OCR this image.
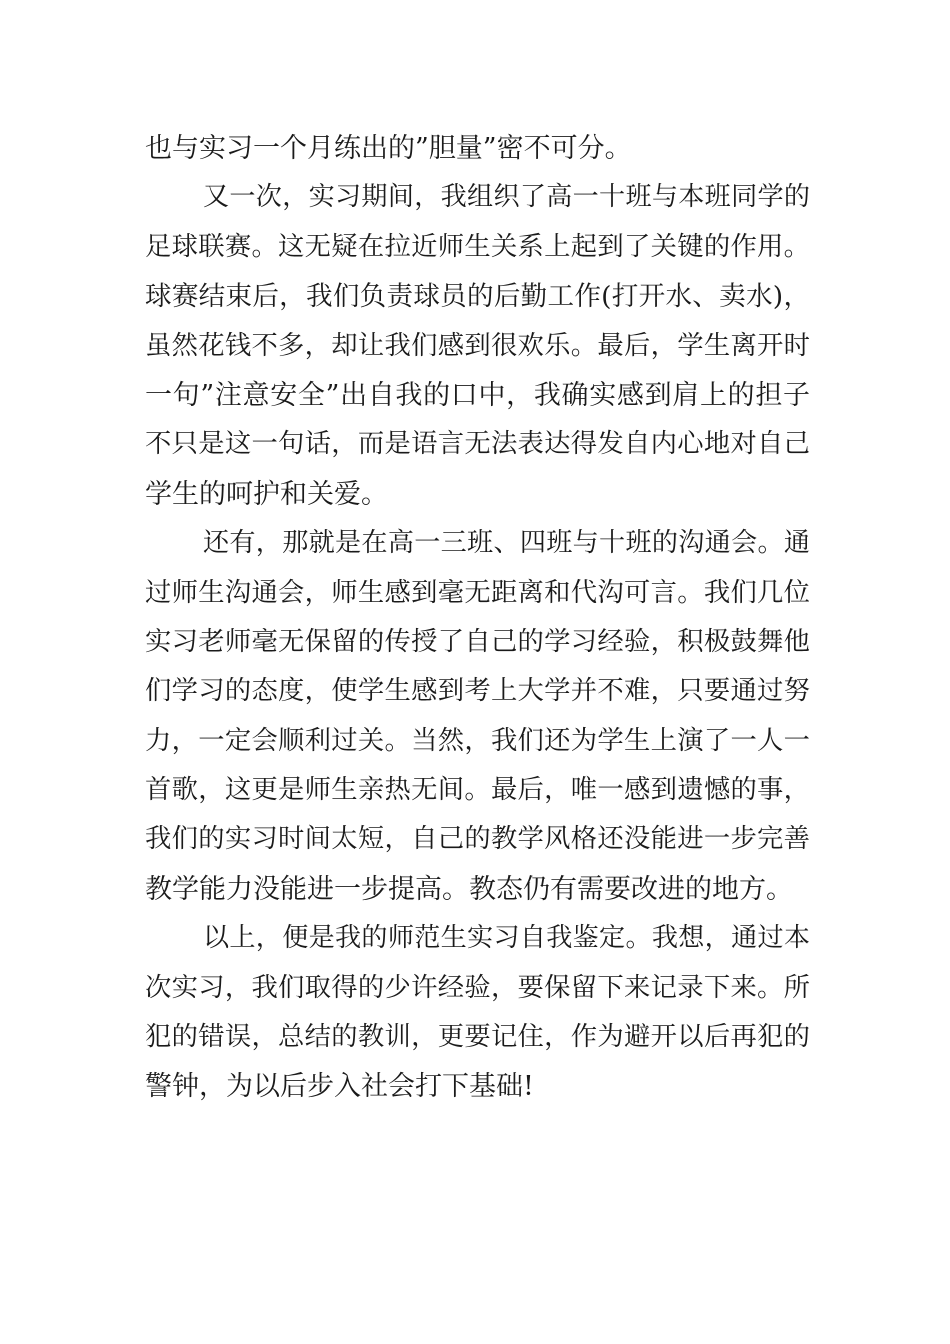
也与实习一个月练出的”胆量”密不可分。
又一次，实习期间，我组织了高一十班与本班同学的
足球联赛。这无疑在拉近师生关系上起到了关键的作用。
球赛结束后，我们负责球员的后勤工作(打开水、卖水)，
虽然花钱不多，却让我们感到很欢乐。最后，学生离开时
一句”注意安全”出自我的口中，我确实感到肩上的担子
不只是这一句话，而是语言无法表达得发自内心地对自己
学生的呵护和关爱。
还有，那就是在高一三班、四班与十班的沟通会。通
过师生沟通会，师生感到毫无距离和代沟可言。我们几位
实习老师毫无保留的传授了自己的学习经验，积极鼓舞他
们学习的态度，使学生感到考上大学并不难，只要通过努
力，一定会顺利过关。当然，我们还为学生上演了一人一
首歌，这更是师生亲热无间。最后，唯一感到遗憾的事，
我们的实习时间太短，自己的教学风格还没能进一步完善
教学能力没能进一步提高。教态仍有需要改进的地方。
以上，便是我的师范生实习自我鉴定。我想，通过本
次实习，我们取得的少许经验，要保留下来记录下来。所
犯的错误，总结的教训，更要记住，作为避开以后再犯的
警钟，为以后步入社会打下基础!
